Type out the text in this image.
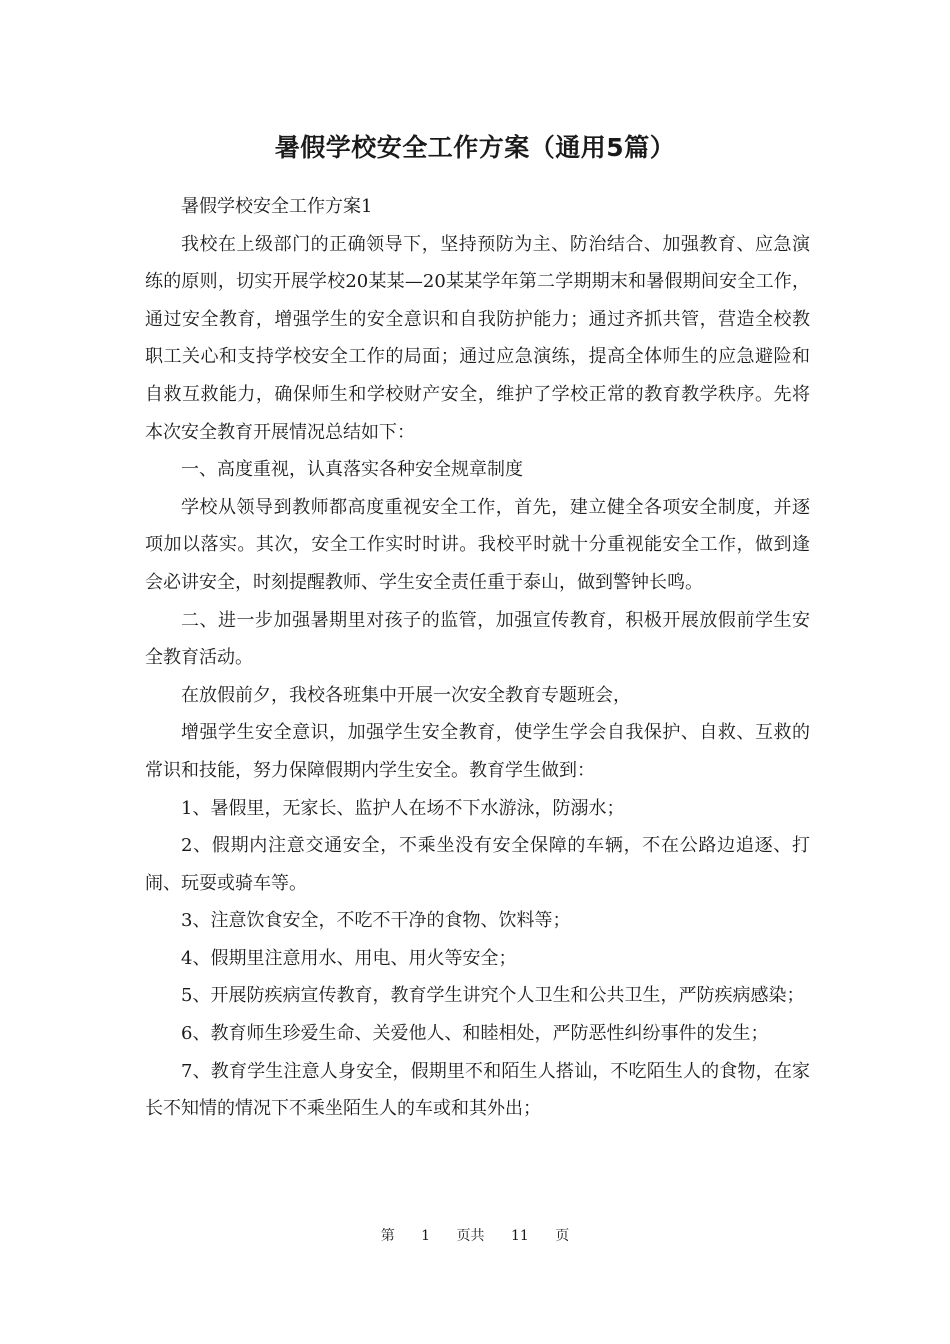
暑假学校安全工作方案（通用5篇）

暑假学校安全工作方案1

我校在上级部门的正确领导下，坚持预防为主、防治结合、加强教育、应急演练的原则，切实开展学校20某某—20某某学年第二学期期末和暑假期间安全工作，通过安全教育，增强学生的安全意识和自我防护能力；通过齐抓共管，营造全校教职工关心和支持学校安全工作的局面；通过应急演练，提高全体师生的应急避险和自救互救能力，确保师生和学校财产安全，维护了学校正常的教育教学秩序。先将本次安全教育开展情况总结如下：

一、高度重视，认真落实各种安全规章制度

学校从领导到教师都高度重视安全工作，首先，建立健全各项安全制度，并逐项加以落实。其次，安全工作实时时讲。我校平时就十分重视能安全工作，做到逢会必讲安全，时刻提醒教师、学生安全责任重于泰山，做到警钟长鸣。

二、进一步加强暑期里对孩子的监管，加强宣传教育，积极开展放假前学生安全教育活动。

在放假前夕，我校各班集中开展一次安全教育专题班会，

增强学生安全意识，加强学生安全教育，使学生学会自我保护、自救、互救的常识和技能，努力保障假期内学生安全。教育学生做到：

1、暑假里，无家长、监护人在场不下水游泳，防溺水；

2、假期内注意交通安全，不乘坐没有安全保障的车辆，不在公路边追逐、打闹、玩耍或骑车等。

3、注意饮食安全，不吃不干净的食物、饮料等；

4、假期里注意用水、用电、用火等安全；

5、开展防疾病宣传教育，教育学生讲究个人卫生和公共卫生，严防疾病感染；

6、教育师生珍爱生命、关爱他人、和睦相处，严防恶性纠纷事件的发生；

7、教育学生注意人身安全，假期里不和陌生人搭讪，不吃陌生人的食物，在家长不知情的情况下不乘坐陌生人的车或和其外出；

第 1 页共 11 页
